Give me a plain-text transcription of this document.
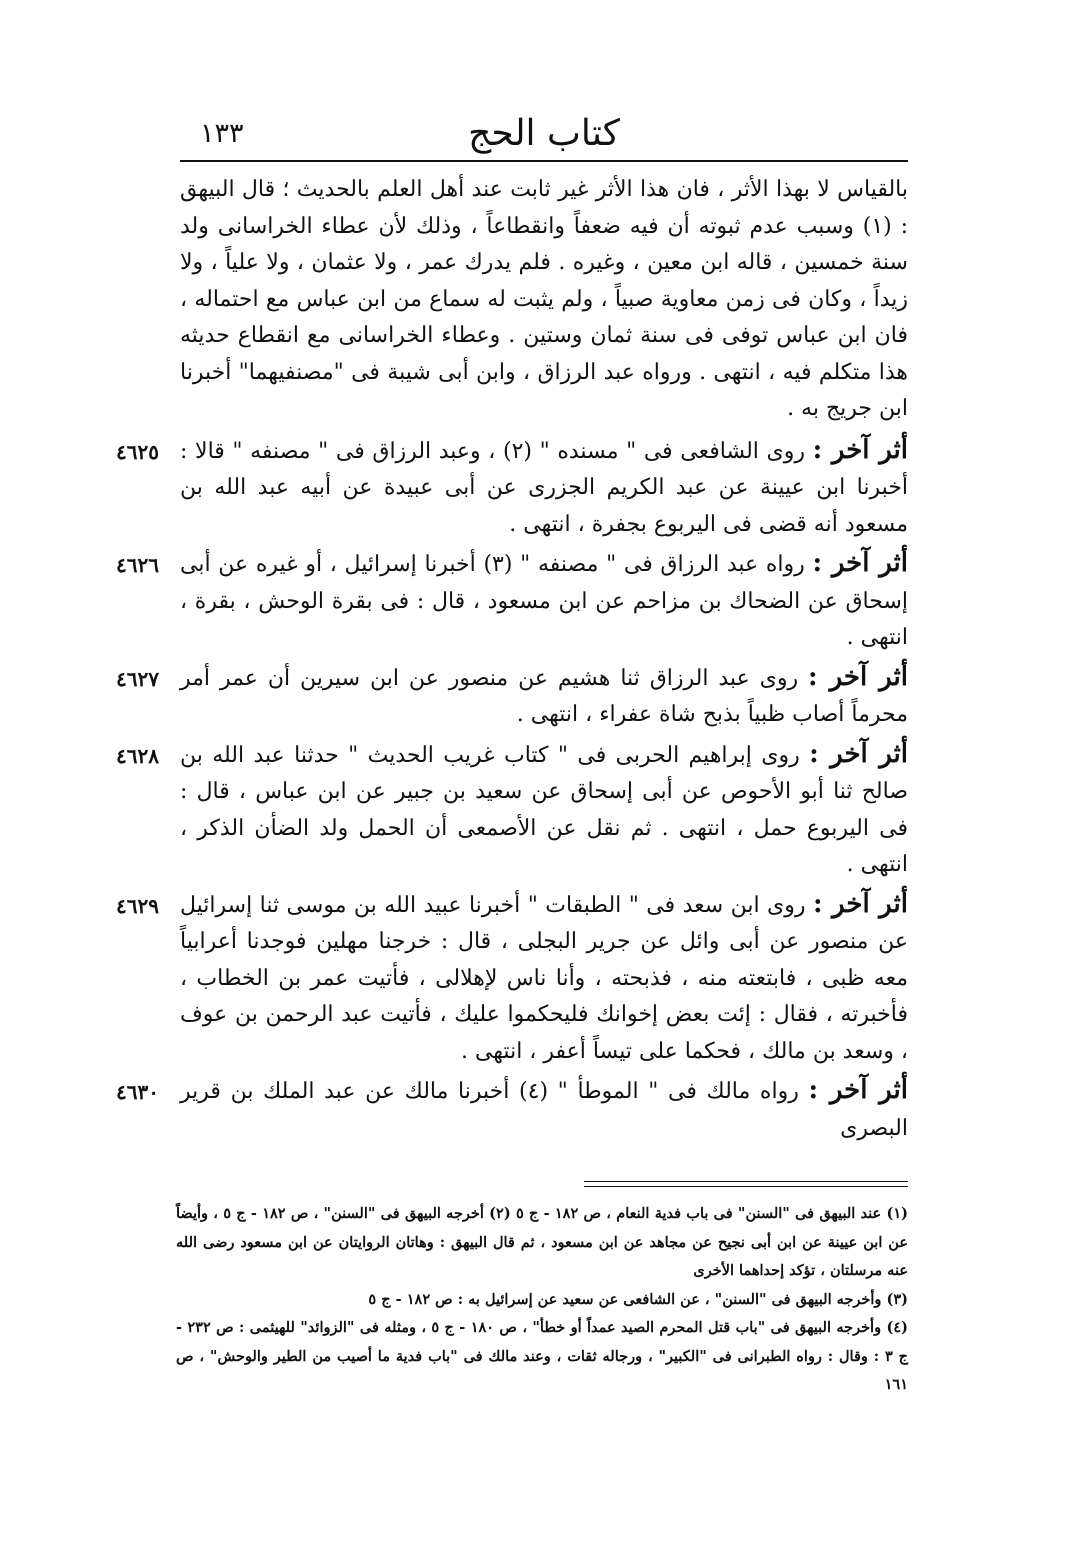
كتاب الحج
١٣٣

بالقياس لا بهذا الأثر ، فان هذا الأثر غير ثابت عند أهل العلم بالحديث ؛ قال البيهق : (١) وسبب عدم ثبوته أن فيه ضعفاً وانقطاعاً ، وذلك لأن عطاء الخراسانى ولد سنة خمسين ، قاله ابن معين ، وغيره . فلم يدرك عمر ، ولا عثمان ، ولا علياً ، ولا زيداً ، وكان فى زمن معاوية صبياً ، ولم يثبت له سماع من ابن عباس مع احتماله ، فان ابن عباس توفى فى سنة ثمان وستين . وعطاء الخراسانى مع انقطاع حديثه هذا متكلم فيه ، انتهى . ورواه عبد الرزاق ، وابن أبى شيبة فى "مصنفيهما" أخبرنا ابن جريج به .

٤٦٢٥	أثر آخر : روى الشافعى فى " مسنده " (٢) ، وعبد الرزاق فى " مصنفه " قالا : أخبرنا ابن عيينة عن عبد الكريم الجزرى عن أبى عبيدة عن أبيه عبد الله بن مسعود أنه قضى فى اليربوع بجفرة ، انتهى .

٤٦٢٦	أثر آخر : رواه عبد الرزاق فى " مصنفه " (٣) أخبرنا إسرائيل ، أو غيره عن أبى إسحاق عن الضحاك بن مزاحم عن ابن مسعود ، قال : فى بقرة الوحش ، بقرة ، انتهى .

٤٦٢٧	أثر آخر : روى عبد الرزاق ثنا هشيم عن منصور عن ابن سيرين أن عمر أمر محرماً أصاب ظبياً بذبح شاة عفراء ، انتهى .

٤٦٢٨	أثر آخر : روى إبراهيم الحربى فى " كتاب غريب الحديث " حدثنا عبد الله بن صالح ثنا أبو الأحوص عن أبى إسحاق عن سعيد بن جبير عن ابن عباس ، قال : فى اليربوع حمل ، انتهى . ثم نقل عن الأصمعى أن الحمل ولد الضأن الذكر ، انتهى .

٤٦٢٩	أثر آخر : روى ابن سعد فى " الطبقات " أخبرنا عبيد الله بن موسى ثنا إسرائيل عن منصور عن أبى وائل عن جرير البجلى ، قال : خرجنا مهلين فوجدنا أعرابياً معه ظبى ، فابتعته منه ، فذبحته ، وأنا ناس لإهلالى ، فأتيت عمر بن الخطاب ، فأخبرته ، فقال : إئت بعض إخوانك فليحكموا عليك ، فأتيت عبد الرحمن بن عوف ، وسعد بن مالك ، فحكما على تيساً أعفر ، انتهى .

٤٦٣٠	أثر آخر : رواه مالك فى " الموطأ " (٤) أخبرنا مالك عن عبد الملك بن قرير البصرى

(١) عند البيهق فى "السنن" فى باب فدية النعام ، ص ١٨٢ - ج ٥ (٢) أخرجه البيهق فى "السنن" ، ص ١٨٢ - ج ٥ ، وأيضاً عن ابن عيينة عن ابن أبى نجيح عن مجاهد عن ابن مسعود ، ثم قال البيهق : وهاتان الروايتان عن ابن مسعود رضى الله عنه مرسلتان ، تؤكد إحداهما الأخرى

(٣) وأخرجه البيهق فى "السنن" ، عن الشافعى عن سعيد عن إسرائيل به : ص ١٨٢ - ج ٥

(٤) وأخرجه البيهق فى "باب قتل المحرم الصيد عمداً أو خطأ" ، ص ١٨٠ - ج ٥ ، ومثله فى "الزوائد" للهيثمى : ص ٢٣٢ - ج ٣ : وقال : رواه الطبرانى فى "الكبير" ، ورجاله ثقات ، وعند مالك فى "باب فدية ما أصيب من الطير والوحش" ، ص ١٦١
